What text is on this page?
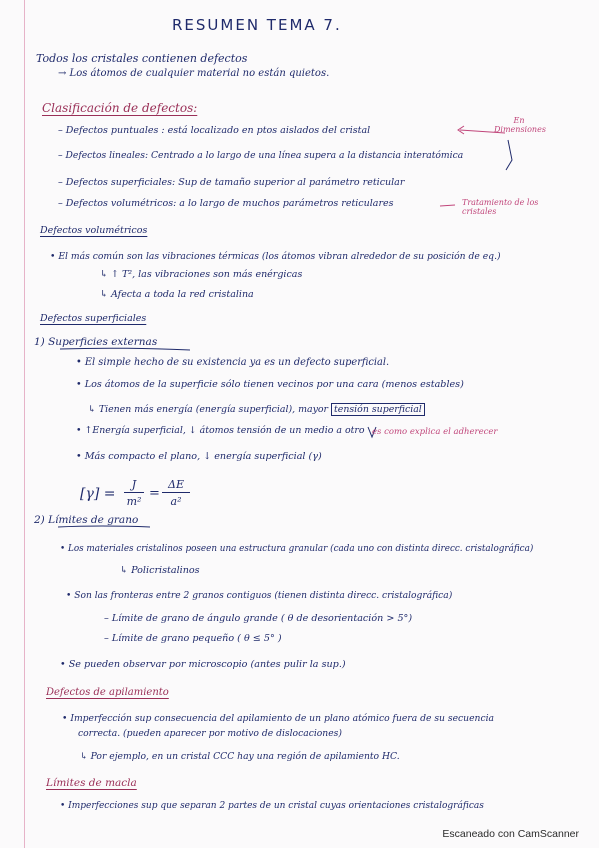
RESUMEN TEMA 7.
Todos los cristales contienen defectos
→ Los átomos de cualquier material no están quietos.
Clasificación de defectos:
– Defectos puntuales : está localizado en ptos aislados del cristal
– Defectos lineales: Centrado a lo largo de una línea supera a la distancia interatómica
– Defectos superficiales: Sup de tamaño superior al parámetro reticular
– Defectos volumétricos: a lo largo de muchos parámetros reticulares
En Dimensiones
Tratamiento de los cristales
Defectos volumétricos
• El más común son las vibraciones térmicas (los átomos vibran alrededor de su posición de eq.)
↳ ↑ T², las vibraciones son más enérgicas
↳ Afecta a toda la red cristalina
Defectos superficiales
1) Superficies externas
• El simple hecho de su existencia ya es un defecto superficial.
• Los átomos de la superficie sólo tienen vecinos por una cara (menos estables)
↳ Tienen más energía (energía superficial), mayor tensión superficial
es como explica el adherecer
• ↑Energía superficial, ↓ átomos tensión de un medio a otro
• Más compacto el plano, ↓ energía superficial (γ)
[γ] =
J
m²
=
ΔE
a²
2) Límites de grano
• Los materiales cristalinos poseen una estructura granular (cada uno con distinta direcc. cristalográfica)
↳ Policristalinos
• Son las fronteras entre 2 granos contiguos (tienen distinta direcc. cristalográfica)
– Límite de grano de ángulo grande ( θ de desorientación > 5°)
– Límite de grano pequeño ( θ ≤ 5° )
• Se pueden observar por microscopio (antes pulir la sup.)
Defectos de apilamiento
• Imperfección sup consecuencia del apilamiento de un plano atómico fuera de su secuencia
correcta. (pueden aparecer por motivo de dislocaciones)
↳ Por ejemplo, en un cristal CCC hay una región de apilamiento HC.
Límites de macla
• Imperfecciones sup que separan 2 partes de un cristal cuyas orientaciones cristalográficas
Escaneado con CamScanner
